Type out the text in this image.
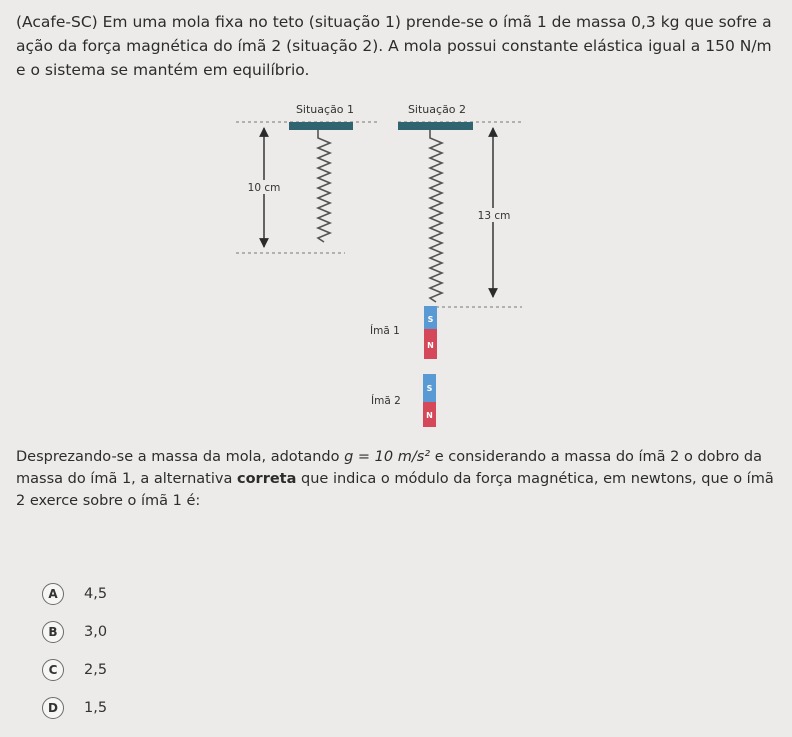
(Acafe-SC) Em uma mola fixa no teto (situação 1) prende-se o ímã 1 de massa 0,3 kg que sofre a ação da força magnética do ímã 2 (situação 2). A mola possui constante elástica igual a 150 N/m e o sistema se mantém em equilíbrio.

Situação 1
10 cm
Situação 2
13 cm
S
N
Ímã 1
S
N
Ímã 2

Desprezando-se a massa da mola, adotando g = 10 m/s² e considerando a massa do ímã 2 o dobro da massa do ímã 1, a alternativa correta que indica o módulo da força magnética, em newtons, que o ímã 2 exerce sobre o ímã 1 é:

A	4,5
B	3,0
C	2,5
D	1,5
